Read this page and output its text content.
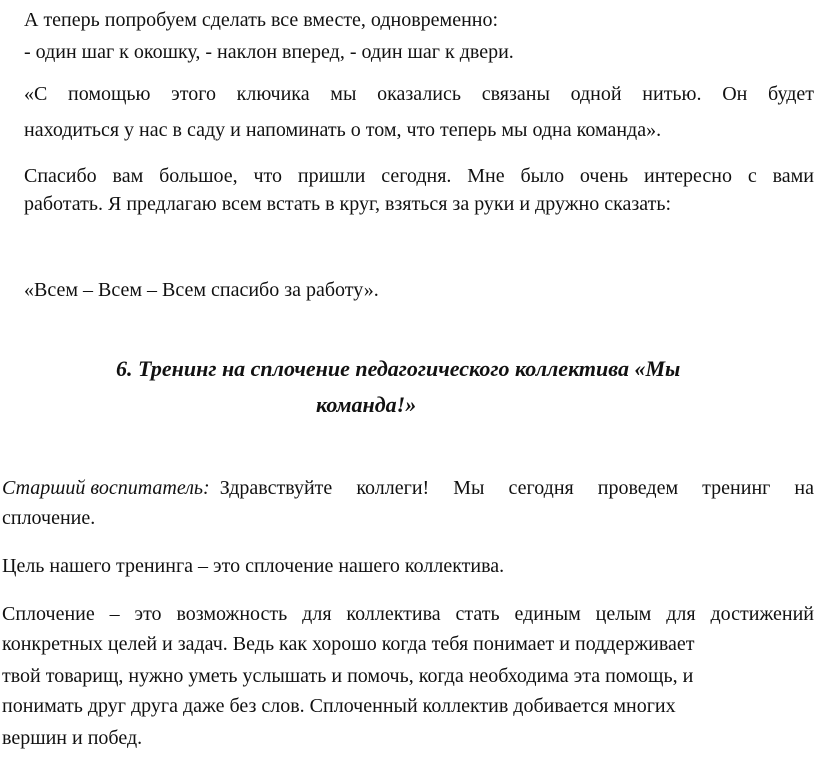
А теперь попробуем сделать все вместе, одновременно:
- один шаг к окошку, - наклон вперед, - один шаг к двери.
«С помощью этого ключика мы оказались связаны одной нитью. Он будет
находиться у нас в саду и напоминать о том, что теперь мы одна команда».
Спасибо вам большое, что пришли сегодня. Мне было очень интересно с вами
работать. Я предлагаю всем встать в круг, взяться за руки и дружно сказать:
«Всем – Всем – Всем спасибо за работу».
6. Тренинг на сплочение педагогического коллектива «Мы
команда!»
Старший воспитатель: Здравствуйте коллеги! Мы сегодня проведем тренинг на
сплочение.
Цель нашего тренинга – это сплочение нашего коллектива.
Сплочение – это возможность для коллектива стать единым целым для достижений
конкретных целей и задач. Ведь как хорошо когда тебя понимает и поддерживает
твой товарищ, нужно уметь услышать и помочь, когда необходима эта помощь, и
понимать друг друга даже без слов. Сплоченный коллектив добивается многих
вершин и побед.
